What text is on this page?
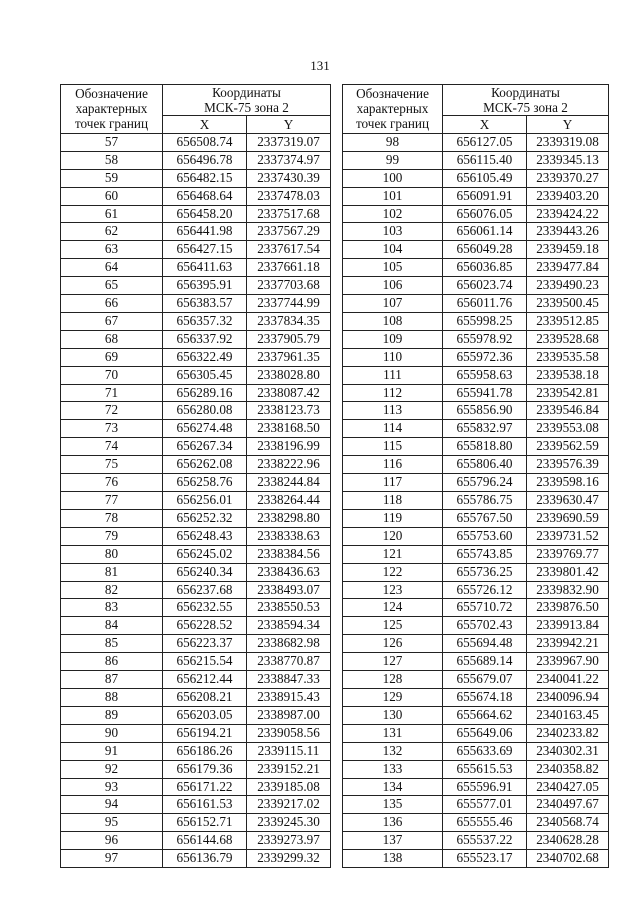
131
Обозначение
характерных
точек границ	Координаты
МСК-75 зона 2	

	X	Y
57	656508.74	2337319.07
58	656496.78	2337374.97
59	656482.15	2337430.39
60	656468.64	2337478.03
61	656458.20	2337517.68
62	656441.98	2337567.29
63	656427.15	2337617.54
64	656411.63	2337661.18
65	656395.91	2337703.68
66	656383.57	2337744.99
67	656357.32	2337834.35
68	656337.92	2337905.79
69	656322.49	2337961.35
70	656305.45	2338028.80
71	656289.16	2338087.42
72	656280.08	2338123.73
73	656274.48	2338168.50
74	656267.34	2338196.99
75	656262.08	2338222.96
76	656258.76	2338244.84
77	656256.01	2338264.44
78	656252.32	2338298.80
79	656248.43	2338338.63
80	656245.02	2338384.56
81	656240.34	2338436.63
82	656237.68	2338493.07
83	656232.55	2338550.53
84	656228.52	2338594.34
85	656223.37	2338682.98
86	656215.54	2338770.87
87	656212.44	2338847.33
88	656208.21	2338915.43
89	656203.05	2338987.00
90	656194.21	2339058.56
91	656186.26	2339115.11
92	656179.36	2339152.21
93	656171.22	2339185.08
94	656161.53	2339217.02
95	656152.71	2339245.30
96	656144.68	2339273.97
97	656136.79	2339299.32
Обозначение
характерных
точек границ	Координаты
МСК-75 зона 2	

	X	Y
98	656127.05	2339319.08
99	656115.40	2339345.13
100	656105.49	2339370.27
101	656091.91	2339403.20
102	656076.05	2339424.22
103	656061.14	2339443.26
104	656049.28	2339459.18
105	656036.85	2339477.84
106	656023.74	2339490.23
107	656011.76	2339500.45
108	655998.25	2339512.85
109	655978.92	2339528.68
110	655972.36	2339535.58
111	655958.63	2339538.18
112	655941.78	2339542.81
113	655856.90	2339546.84
114	655832.97	2339553.08
115	655818.80	2339562.59
116	655806.40	2339576.39
117	655796.24	2339598.16
118	655786.75	2339630.47
119	655767.50	2339690.59
120	655753.60	2339731.52
121	655743.85	2339769.77
122	655736.25	2339801.42
123	655726.12	2339832.90
124	655710.72	2339876.50
125	655702.43	2339913.84
126	655694.48	2339942.21
127	655689.14	2339967.90
128	655679.07	2340041.22
129	655674.18	2340096.94
130	655664.62	2340163.45
131	655649.06	2340233.82
132	655633.69	2340302.31
133	655615.53	2340358.82
134	655596.91	2340427.05
135	655577.01	2340497.67
136	655555.46	2340568.74
137	655537.22	2340628.28
138	655523.17	2340702.68
